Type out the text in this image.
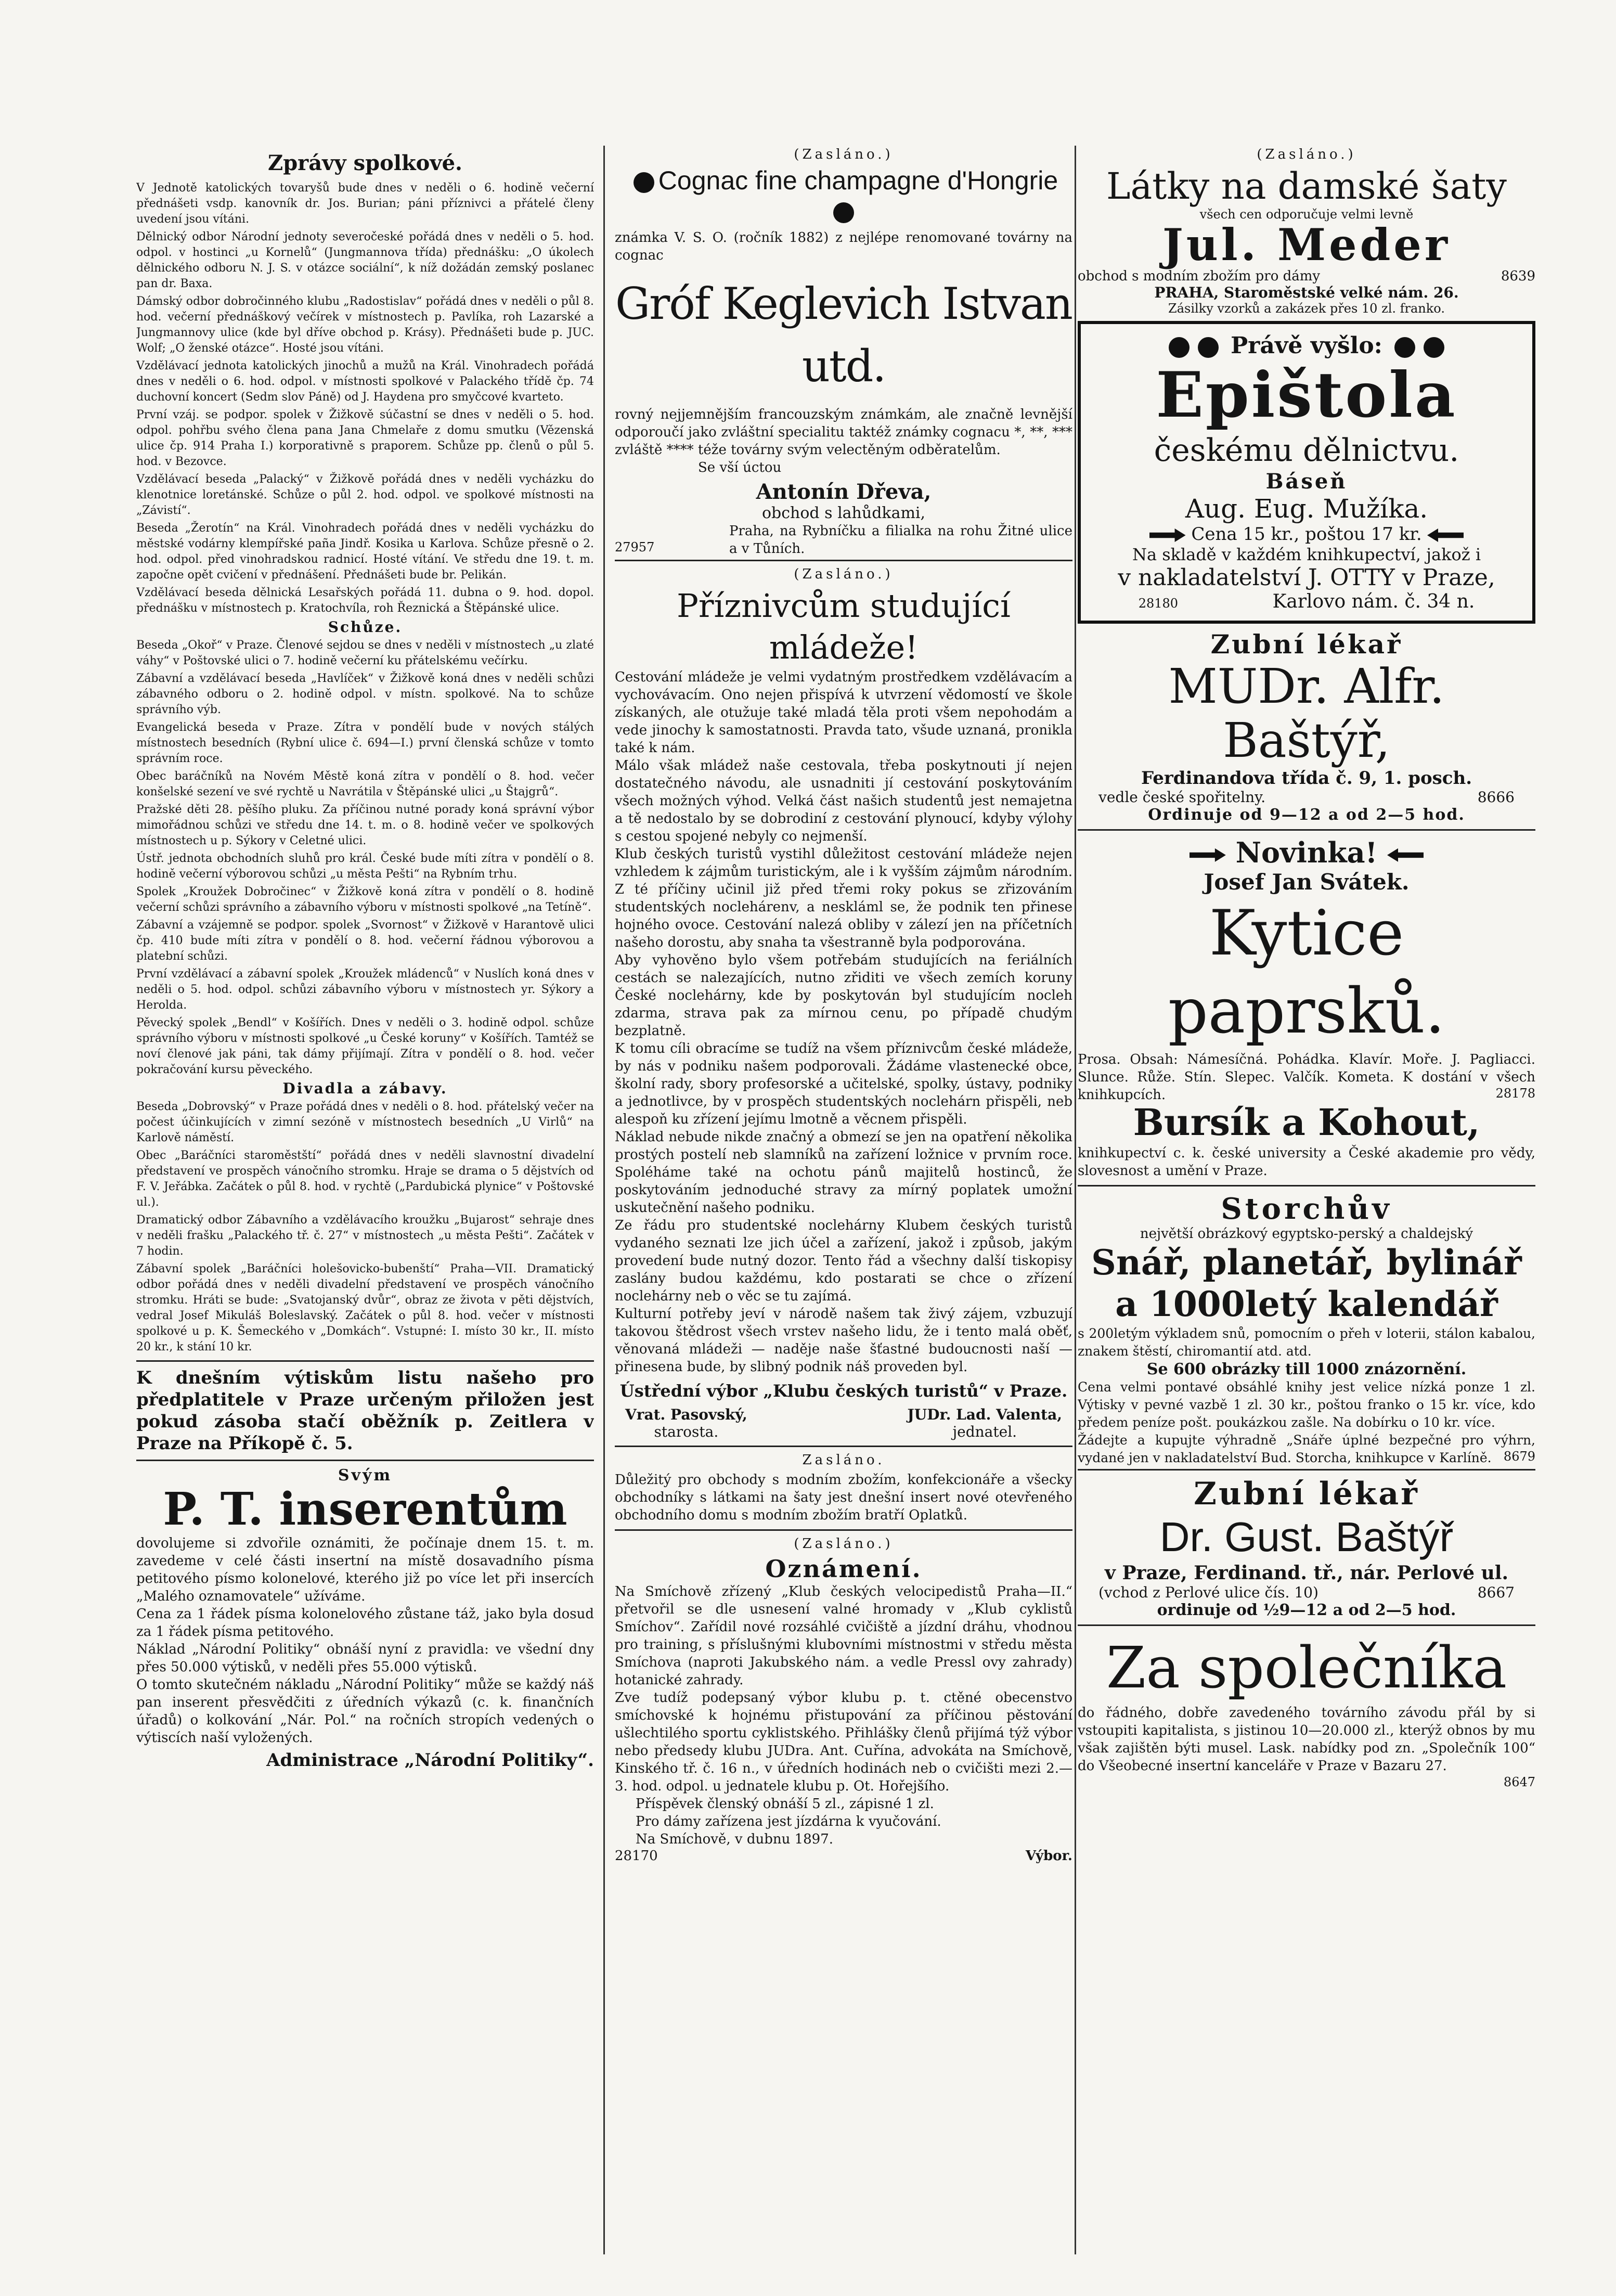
Zprávy spolkové.

V Jednotě katolických tovaryšů bude dnes v neděli o 6. hodině večerní přednášeti vsdp. kanovník dr. Jos. Burian; páni příznivci a přátelé členy uvedení jsou vítáni.

Dělnický odbor Národní jednoty severočeské pořádá dnes v neděli o 5. hod. odpol. v hostinci „u Kornelů“ (Jungmannova třída) přednášku: „O úkolech dělnického odboru N. J. S. v otázce sociální“, k níž dožádán zemský poslanec pan dr. Baxa.

Dámský odbor dobročinného klubu „Radostislav“ pořádá dnes v neděli o půl 8. hod. večerní přednáškový večírek v místnostech p. Pavlíka, roh Lazarské a Jungmannovy ulice (kde byl dříve obchod p. Krásy). Přednášeti bude p. JUC. Wolf; „O ženské otázce“. Hosté jsou vítáni.

Vzdělávací jednota katolických jinochů a mužů na Král. Vinohradech pořádá dnes v neděli o 6. hod. odpol. v místnosti spolkové v Palackého třídě čp. 74 duchovní koncert (Sedm slov Páně) od J. Haydena pro smyčcové kvarteto.

První vzáj. se podpor. spolek v Žižkově súčastní se dnes v neděli o 5. hod. odpol. pohřbu svého člena pana Jana Chmelaře z domu smutku (Vězenská ulice čp. 914 Praha I.) korporativně s praporem. Schůze pp. členů o půl 5. hod. v Bezovce.

Vzdělávací beseda „Palacký“ v Žižkově pořádá dnes v neděli vycházku do klenotnice loretánské. Schůze o půl 2. hod. odpol. ve spolkové místnosti na „Závistí“.

Beseda „Žerotín“ na Král. Vinohradech pořádá dnes v neděli vycházku do městské vodárny klempířské paña Jindř. Kosika u Karlova. Schůze přesně o 2. hod. odpol. před vinohradskou radnicí. Hosté vítání. Ve středu dne 19. t. m. započne opět cvičení v přednášení. Přednášeti bude br. Pelikán.

Vzdělávací beseda dělnická Lesařských pořádá 11. dubna o 9. hod. dopol. přednášku v místnostech p. Kratochvíla, roh Řeznická a Štěpánské ulice.

Schůze.

Beseda „Okoř“ v Praze. Členové sejdou se dnes v neděli v místnostech „u zlaté váhy“ v Poštovské ulici o 7. hodině večerní ku přátelskému večírku.

Zábavní a vzdělávací beseda „Havlíček“ v Žižkově koná dnes v neděli schůzi zábavného odboru o 2. hodině odpol. v místn. spolkové. Na to schůze správního výb.

Evangelická beseda v Praze. Zítra v pondělí bude v nových stálých místnostech besedních (Rybní ulice č. 694—I.) první členská schůze v tomto správním roce.

Obec baráčníků na Novém Městě koná zítra v pondělí o 8. hod. večer konšelské sezení ve své rychtě u Navrátila v Štěpánské ulici „u Štajgrů“.

Pražské děti 28. pěšího pluku. Za příčinou nutné porady koná správní výbor mimořádnou schůzi ve středu dne 14. t. m. o 8. hodině večer ve spolkových místnostech u p. Sýkory v Celetné ulici.

Ústř. jednota obchodních sluhů pro král. České bude míti zítra v pondělí o 8. hodině večerní výborovou schůzi „u města Pešti“ na Rybním trhu.

Spolek „Kroužek Dobročinec“ v Žižkově koná zítra v pondělí o 8. hodině večerní schůzi správního a zábavního výboru v místnosti spolkové „na Tetíně“.

Zábavní a vzájemně se podpor. spolek „Svornost“ v Žižkově v Harantově ulici čp. 410 bude míti zítra v pondělí o 8. hod. večerní řádnou výborovou a platební schůzi.

První vzdělávací a zábavní spolek „Kroužek mládenců“ v Nuslích koná dnes v neděli o 5. hod. odpol. schůzi zábavního výboru v místnostech yr. Sýkory a Herolda.

Pěvecký spolek „Bendl“ v Košířích. Dnes v neděli o 3. hodině odpol. schůze správního výboru v místnosti spolkové „u České koruny“ v Košířích. Tamtéž se noví členové jak páni, tak dámy přijímají. Zítra v pondělí o 8. hod. večer pokračování kursu pěveckého.

Divadla a zábavy.

Beseda „Dobrovský“ v Praze pořádá dnes v neděli o 8. hod. přátelský večer na počest účinkujících v zimní sezóně v místnostech besedních „U Virlů“ na Karlově náměstí.

Obec „Baráčníci staroměstští“ pořádá dnes v neděli slavnostní divadelní představení ve prospěch vánočního stromku. Hraje se drama o 5 dějstvích od F. V. Jeřábka. Začátek o půl 8. hod. v rychtě („Pardubická plynice“ v Poštovské ul.).

Dramatický odbor Zábavního a vzdělávacího kroužku „Bujarost“ sehraje dnes v neděli frašku „Palackého tř. č. 27“ v místnostech „u města Pešti“. Začátek v 7 hodin.

Zábavní spolek „Baráčníci holešovicko-bubenští“ Praha—VII. Dramatický odbor pořádá dnes v neděli divadelní představení ve prospěch vánočního stromku. Hráti se bude: „Svatojanský dvůr“, obraz ze života v pěti dějstvích, vedral Josef Mikuláš Boleslavský. Začátek o půl 8. hod. večer v místnosti spolkové u p. K. Šemeckého v „Domkách“. Vstupné: I. místo 30 kr., II. místo 20 kr., k stání 10 kr.

K dnešním výtiskům listu našeho pro předplatitele v Praze určeným přiložen jest pokud zásoba stačí oběžník p. Zeitlera v Praze na Příkopě č. 5.

Svým

P. T. inserentům

dovolujeme si zdvořile oznámiti, že počínaje dnem 15. t. m. zavedeme v celé části insertní na místě dosavadního písma petitového písmo kolonelové, kterého již po více let při insercích „Malého oznamovatele“ užíváme.

Cena za 1 řádek písma kolonelového zůstane táž, jako byla dosud za 1 řádek písma petitového.

Náklad „Národní Politiky“ obnáší nyní z pravidla: ve všední dny přes 50.000 výtisků, v neděli přes 55.000 výtisků.

O tomto skutečném nákladu „Národní Politiky“ může se každý náš pan inserent přesvědčiti z úředních výkazů (c. k. finančních úřadů) o kolkování „Nár. Pol.“ na ročních stropích vedených o výtiscích naší vyložených.

Administrace „Národní Politiky“.

(Zasláno.)

Cognac fine champagne d'Hongrie

známka V. S. O. (ročník 1882) z nejlépe renomované továrny na cognac

Gróf Keglevich Istvan utd.

rovný nejjemnějším francouzským známkám, ale značně levnější odporoučí jako zvláštní specialitu taktéž známky cognacu *, **, *** zvláště **** téže továrny svým velectěným odběratelům.

Se vší úctou

Antonín Dřeva,

obchod s lahůdkami,

Praha, na Rybníčku a filialka na rohu Žitné ulice a v Tůních.

27957

(Zasláno.)

Příznivcům studující mládeže!

Cestování mládeže je velmi vydatným prostředkem vzdělávacím a vychovávacím. Ono nejen přispívá k utvrzení vědomostí ve škole získaných, ale otužuje také mladá těla proti všem nepohodám a vede jinochy k samostatnosti. Pravda tato, všude uznaná, pronikla také k nám.

Málo však mládež naše cestovala, třeba poskytnouti jí nejen dostatečného návodu, ale usnadniti jí cestování poskytováním všech možných výhod. Velká část našich studentů jest nemajetna a tě nedostalo by se dobrodiní z cestování plynoucí, kdyby výlohy s cestou spojené nebyly co nejmenší.

Klub českých turistů vystihl důležitost cestování mládeže nejen vzhledem k zájmům turistickým, ale i k vyšším zájmům národním. Z té příčiny učinil již před třemi roky pokus se zřizováním studentských noclehárenv, a neskláml se, že podnik ten přinese hojného ovoce. Cestování nalezá obliby v zálezí jen na příčetních našeho dorostu, aby snaha ta všestranně byla podporována.

Aby vyhověno bylo všem potřebám studujících na feriálních cestách se nalezajících, nutno zřiditi ve všech zemích koruny České noclehárny, kde by poskytován byl studujícím nocleh zdarma, strava pak za mírnou cenu, po případě chudým bezplatně.

K tomu cíli obracíme se tudíž na všem příznivcům české mládeže, by nás v podniku našem podporovali. Žádáme vlastenecké obce, školní rady, sbory profesorské a učitelské, spolky, ústavy, podniky a jednotlivce, by v prospěch studentských noclehárn přispěli, neb alespoň ku zřízení jejímu lmotně a věcnem přispěli.

Náklad nebude nikde značný a obmezí se jen na opatření několika prostých postelí neb slamníků na zařízení ložnice v prvním roce. Spoléháme také na ochotu pánů majitelů hostinců, že poskytováním jednoduché stravy za mírný poplatek umožní uskutečnění našeho podniku.

Ze řádu pro studentské noclehárny Klubem českých turistů vydaného seznati lze jich účel a zařízení, jakož i způsob, jakým provedení bude nutný dozor. Tento řád a všechny další tiskopisy zaslány budou každému, kdo postarati se chce o zřízení noclehárny neb o věc se tu zajímá.

Kulturní potřeby jeví v národě našem tak živý zájem, vzbuzují takovou štědrost všech vrstev našeho lidu, že i tento malá oběť, věnovaná mládeži — naděje naše šťastné budoucnosti naší — přinesena bude, by slibný podnik náš proveden byl.

Ústřední výbor „Klubu českých turistů“ v Praze.

Vrat. Pasovský,

starosta.

JUDr. Lad. Valenta,

jednatel.

Zasláno.

Důležitý pro obchody s modním zbožím, konfekcionáře a všecky obchodníky s látkami na šaty jest dnešní insert nové otevřeného obchodního domu s modním zbožím bratří Oplatků.

(Zasláno.)

Oznámení.

Na Smíchově zřízený „Klub českých velocipedistů Praha—II.“ přetvořil se dle usnesení valné hromady v „Klub cyklistů Smíchov“. Zařídil nové rozsáhlé cvičiště a jízdní dráhu, vhodnou pro training, s příslušnými klubovními místnostmi v středu města Smíchova (naproti Jakubského nám. a vedle Pressl ovy zahrady) hotanické zahrady.

Zve tudíž podepsaný výbor klubu p. t. ctěné obecenstvo smíchovské k hojnému přistupování za příčinou pěstování ušlechtilého sportu cyklistského. Přihlášky členů přijímá týž výbor nebo předsedy klubu JUDra. Ant. Cuřína, advokáta na Smíchově, Kinského tř. č. 16 n., v úředních hodinách neb o cvičišti mezi 2.—3. hod. odpol. u jednatele klubu p. Ot. Hořejšího.

Příspěvek členský obnáší 5 zl., zápisné 1 zl.

Pro dámy zařízena jest jízdárna k vyučování.

Na Smíchově, v dubnu 1897.

28170	Výbor.

(Zasláno.)

Látky na damské šaty

všech cen odporučuje velmi levně

Jul. Meder

obchod s modním zbožím pro dámy	8639

PRAHA, Staroměstské velké nám. 26.

Zásilky vzorků a zakázek přes 10 zl. franko.

Právě vyšlo:

Epištola

českému dělnictvu.

Báseň

Aug. Eug. Mužíka.

Cena 15 kr., poštou 17 kr.

Na skladě v každém knihkupectví, jakož i

v nakladatelství J. OTTY v Praze,

28180	Karlovo nám. č. 34 n.

Zubní lékař

MUDr. Alfr. Baštýř,

Ferdinandova třída č. 9, 1. posch.

vedle české spořitelny.	8666

Ordinuje od 9—12 a od 2—5 hod.

Novinka!

Josef Jan Svátek.

Kytice paprsků.

Prosa. Obsah: Námesíčná. Pohádka. Klavír. Moře. J. Pagliacci. Slunce. Růže. Stín. Slepec. Valčík. Kometa. K dostání v všech knihkupcích.	28178

Bursík a Kohout,

knihkupectví c. k. české university a České akademie pro vědy, slovesnost a umění v Praze.

Storchův

největší obrázkový egyptsko-perský a chaldejský

Snář, planetář, bylinář

a 1000letý kalendář

s 200letým výkladem snů, pomocním o přeh v loterii, stálon kabalou, znakem štěstí, chiromantií atd. atd.

Se 600 obrázky till 1000 znázornění.

Cena velmi pontavé obsáhlé knihy jest velice nízká ponze 1 zl. Výtisky v pevné vazbě 1 zl. 30 kr., poštou franko o 15 kr. více, kdo předem peníze pošt. poukázkou zašle. Na dobírku o 10 kr. více.

Žádejte a kupujte výhradně „Snáře úplné bezpečné pro výhrn, vydané jen v nakladatelství Bud. Storcha, knihkupce v Karlíně. 8679

Zubní lékař

Dr. Gust. Baštýř

v Praze, Ferdinand. tř., nár. Perlové ul.

(vchod z Perlové ulice čís. 10)	8667

ordinuje od ½9—12 a od 2—5 hod.

Za společníka

do řádného, dobře zavedeného továrního závodu přál by si vstoupiti kapitalista, s jistinou 10—20.000 zl., kterýž obnos by mu však zajištěn býti musel. Lask. nabídky pod zn. „Společník 100“ do Všeobecné insertní kanceláře v Praze v Bazaru 27.

8647
